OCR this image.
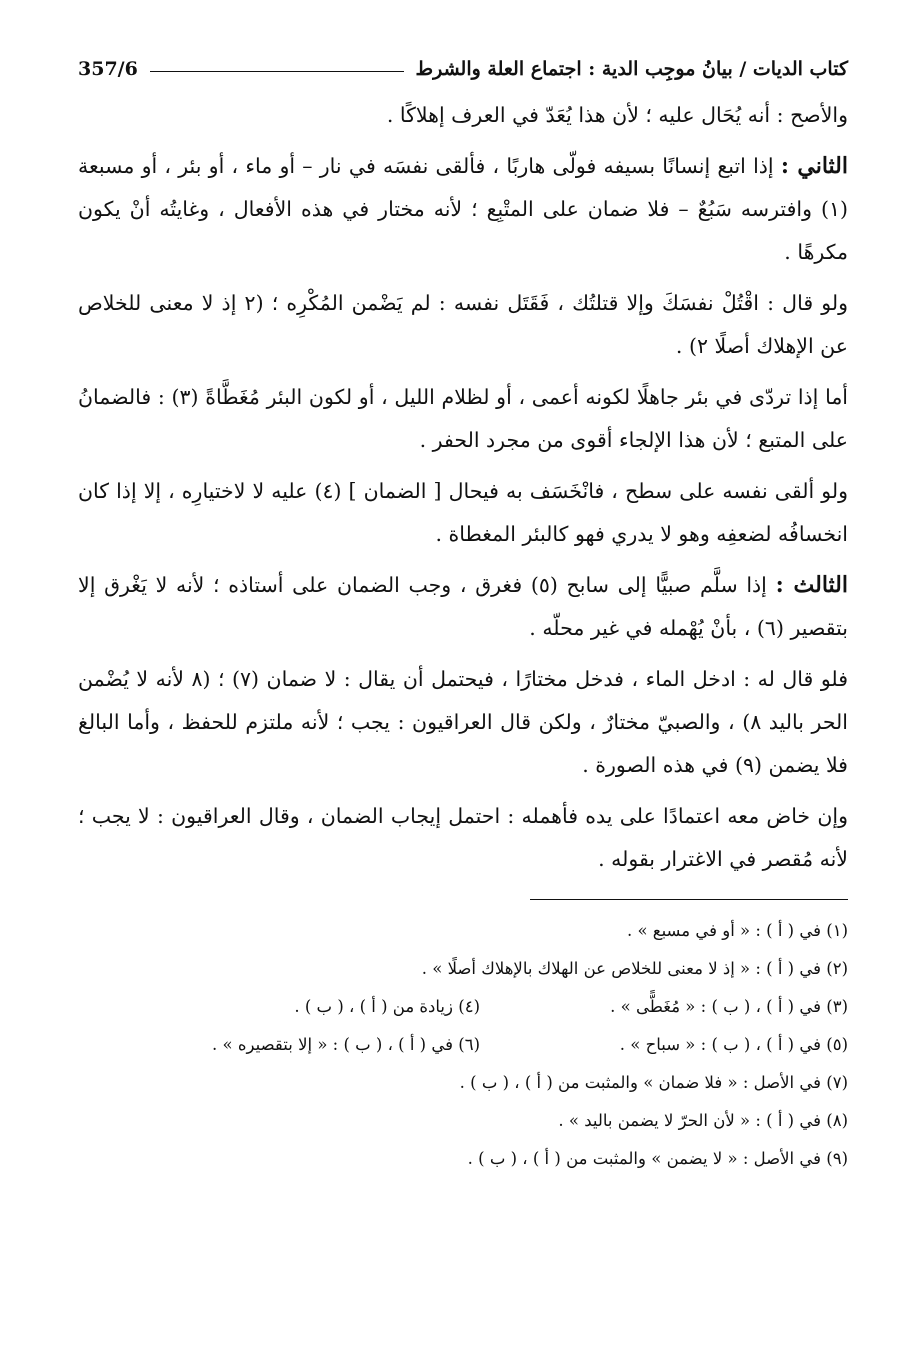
كتاب الديات / بيانُ موجِب الدية : اجتماع العلة والشرط
357/6

والأصح : أنه يُحَال عليه ؛ لأن هذا يُعَدّ في العرف إهلاكًا .

الثاني : إذا اتبع إنسانًا بسيفه فولّى هاربًا ، فألقى نفسَه في نار – أو ماء ، أو بئر ، أو مسبعة (١) وافترسه سَبُعٌ – فلا ضمان على المتْبِع ؛ لأنه مختار في هذه الأفعال ، وغايتُه أنْ يكون مكرهًا .

ولو قال : اقْتُلْ نفسَكَ وإلا قتلتُك ، فَقَتَل نفسه : لم يَضْمن المُكْرِه ؛ (٢ إذ لا معنى للخلاص عن الإهلاك أصلًا ٢) .

أما إذا تردّى في بئر جاهلًا لكونه أعمى ، أو لظلام الليل ، أو لكون البئر مُغَطَّاةً (٣) : فالضمانُ على المتبع ؛ لأن هذا الإلجاء أقوى من مجرد الحفر .

ولو ألقى نفسه على سطح ، فانْخَسَف به فيحال [ الضمان ] (٤) عليه لا لاختيارِه ، إلا إذا كان انخسافُه لضعفِه وهو لا يدري فهو كالبئر المغطاة .

الثالث : إذا سلَّم صبيًّا إلى سابح (٥) فغرق ، وجب الضمان على أستاذه ؛ لأنه لا يَغْرق إلا بتقصير (٦) ، بأنْ يُهْمله في غير محلّه .

فلو قال له : ادخل الماء ، فدخل مختارًا ، فيحتمل أن يقال : لا ضمان (٧) ؛ (٨ لأنه لا يُضْمن الحر باليد ٨) ، والصبيّ مختارٌ ، ولكن قال العراقيون : يجب ؛ لأنه ملتزم للحفظ ، وأما البالغ فلا يضمن (٩) في هذه الصورة .

وإن خاض معه اعتمادًا على يده فأهمله : احتمل إيجاب الضمان ، وقال العراقيون : لا يجب ؛ لأنه مُقصر في الاغترار بقوله .

(١) في ( أ ) : « أو في مسبع » .
(٢) في ( أ ) : « إذ لا معنى للخلاص عن الهلاك بالإهلاك أصلًا » .
(٣) في ( أ ) ، ( ب ) : « مُغَطًّى » .
(٤) زيادة من ( أ ) ، ( ب ) .
(٥) في ( أ ) ، ( ب ) : « سباح » .
(٦) في ( أ ) ، ( ب ) : « إلا بتقصيره » .
(٧) في الأصل : « فلا ضمان » والمثبت من ( أ ) ، ( ب ) .
(٨) في ( أ ) : « لأن الحرّ لا يضمن باليد » .
(٩) في الأصل : « لا يضمن » والمثبت من ( أ ) ، ( ب ) .
